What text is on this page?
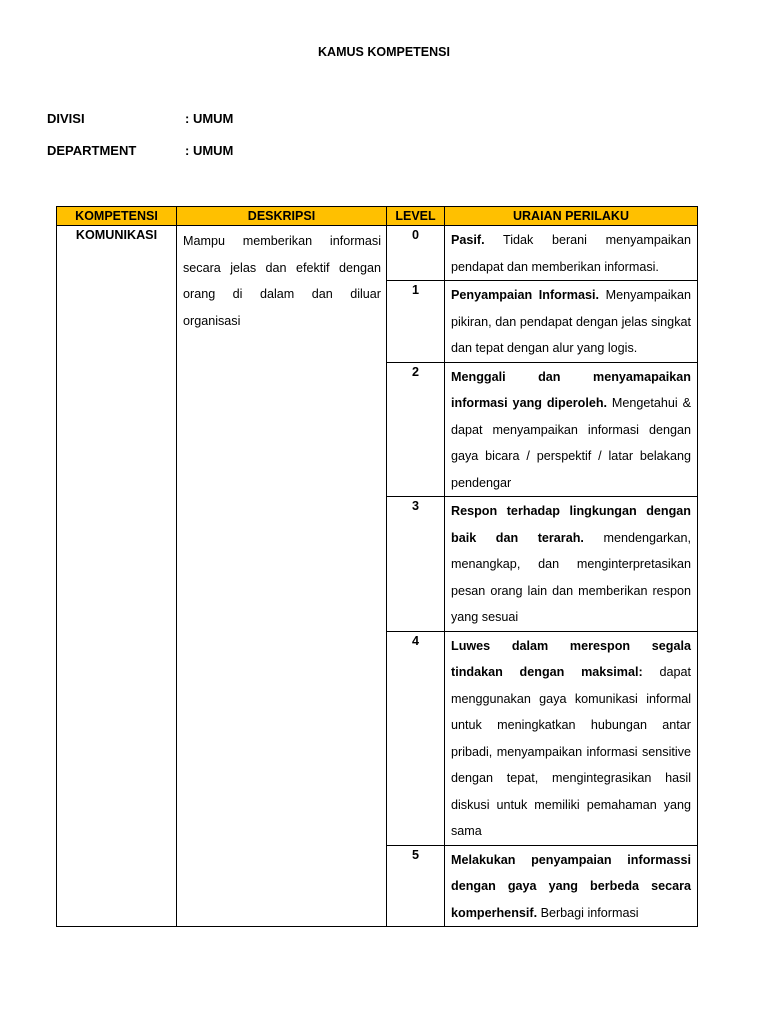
KAMUS KOMPETENSI
DIVISI	: UMUM
DEPARTMENT	: UMUM
KOMPETENSI	DESKRIPSI	LEVEL	URAIAN PERILAKU
KOMUNIKASI	Mampu memberikan informasi secara jelas dan efektif dengan orang di dalam dan diluar organisasi	0	Pasif. Tidak berani menyampaikan pendapat dan memberikan informasi.
		1	Penyampaian Informasi. Menyampaikan pikiran, dan pendapat dengan jelas singkat dan tepat dengan alur yang logis.
		2	Menggali dan menyamapaikan informasi yang diperoleh. Mengetahui & dapat menyampaikan informasi dengan gaya bicara / perspektif / latar belakang pendengar
		3	Respon terhadap lingkungan dengan baik dan terarah. mendengarkan, menangkap, dan menginterpretasikan pesan orang lain dan memberikan respon yang sesuai
		4	Luwes dalam merespon segala tindakan dengan maksimal: dapat menggunakan gaya komunikasi informal untuk meningkatkan hubungan antar pribadi, menyampaikan informasi sensitive dengan tepat, mengintegrasikan hasil diskusi untuk memiliki pemahaman yang sama
		5	Melakukan penyampaian informassi dengan gaya yang berbeda secara komperhensif. Berbagi informasi
